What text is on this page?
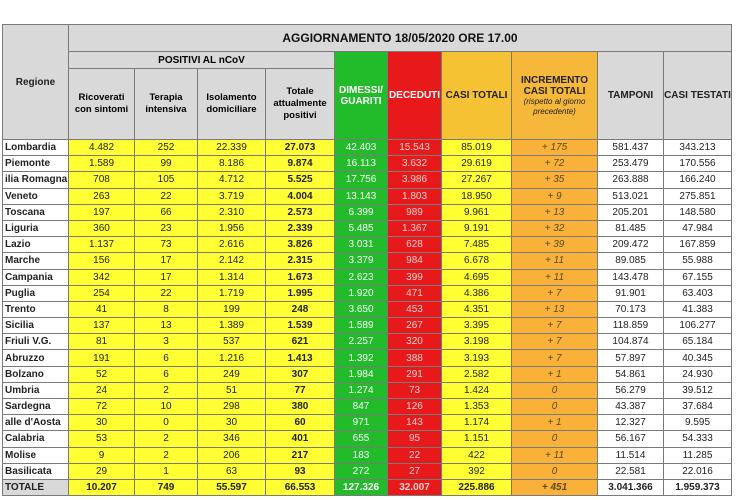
Regione	AGGIORNAMENTO 18/05/2020 ORE 17.00									
	POSITIVI AL nCoV				DIMESSI/ GUARITI	DECEDUTI	CASI TOTALI	INCREMENTO CASI TOTALI
(rispetto al giorno precedente)	TAMPONI	CASI TESTATI
	Ricoverati con sintomi	Terapia intensiva	Isolamento domiciliare	Totale attualmente positivi						
Lombardia	4.482	252	22.339	27.073	42.403	15.543	85.019	+ 175	581.437	343.213
Piemonte	1.589	99	8.186	9.874	16.113	3.632	29.619	+ 72	253.479	170.556
ilia Romagna	708	105	4.712	5.525	17.756	3.986	27.267	+ 35	263.888	166.240
Veneto	263	22	3.719	4.004	13.143	1.803	18.950	+ 9	513.021	275.851
Toscana	197	66	2.310	2.573	6.399	989	9.961	+ 13	205.201	148.580
Liguria	360	23	1.956	2.339	5.485	1.367	9.191	+ 32	81.485	47.984
Lazio	1.137	73	2.616	3.826	3.031	628	7.485	+ 39	209.472	167.859
Marche	156	17	2.142	2.315	3.379	984	6.678	+ 11	89.085	55.988
Campania	342	17	1.314	1.673	2.623	399	4.695	+ 11	143.478	67.155
Puglia	254	22	1.719	1.995	1.920	471	4.386	+ 7	91.901	63.403
Trento	41	8	199	248	3.650	453	4.351	+ 13	70.173	41.383
Sicilia	137	13	1.389	1.539	1.589	267	3.395	+ 7	118.859	106.277
Friuli V.G.	81	3	537	621	2.257	320	3.198	+ 7	104.874	65.184
Abruzzo	191	6	1.216	1.413	1.392	388	3.193	+ 7	57.897	40.345
Bolzano	52	6	249	307	1.984	291	2.582	+ 1	54.861	24.930
Umbria	24	2	51	77	1.274	73	1.424	0	56.279	39.512
Sardegna	72	10	298	380	847	126	1.353	0	43.387	37.684
alle d'Aosta	30	0	30	60	971	143	1.174	+ 1	12.327	9.595
Calabria	53	2	346	401	655	95	1.151	0	56.167	54.333
Molise	9	2	206	217	183	22	422	+ 11	11.514	11.285
Basilicata	29	1	63	93	272	27	392	0	22.581	22.016
TOTALE	10.207	749	55.597	66.553	127.326	32.007	225.886	+ 451	3.041.366	1.959.373
